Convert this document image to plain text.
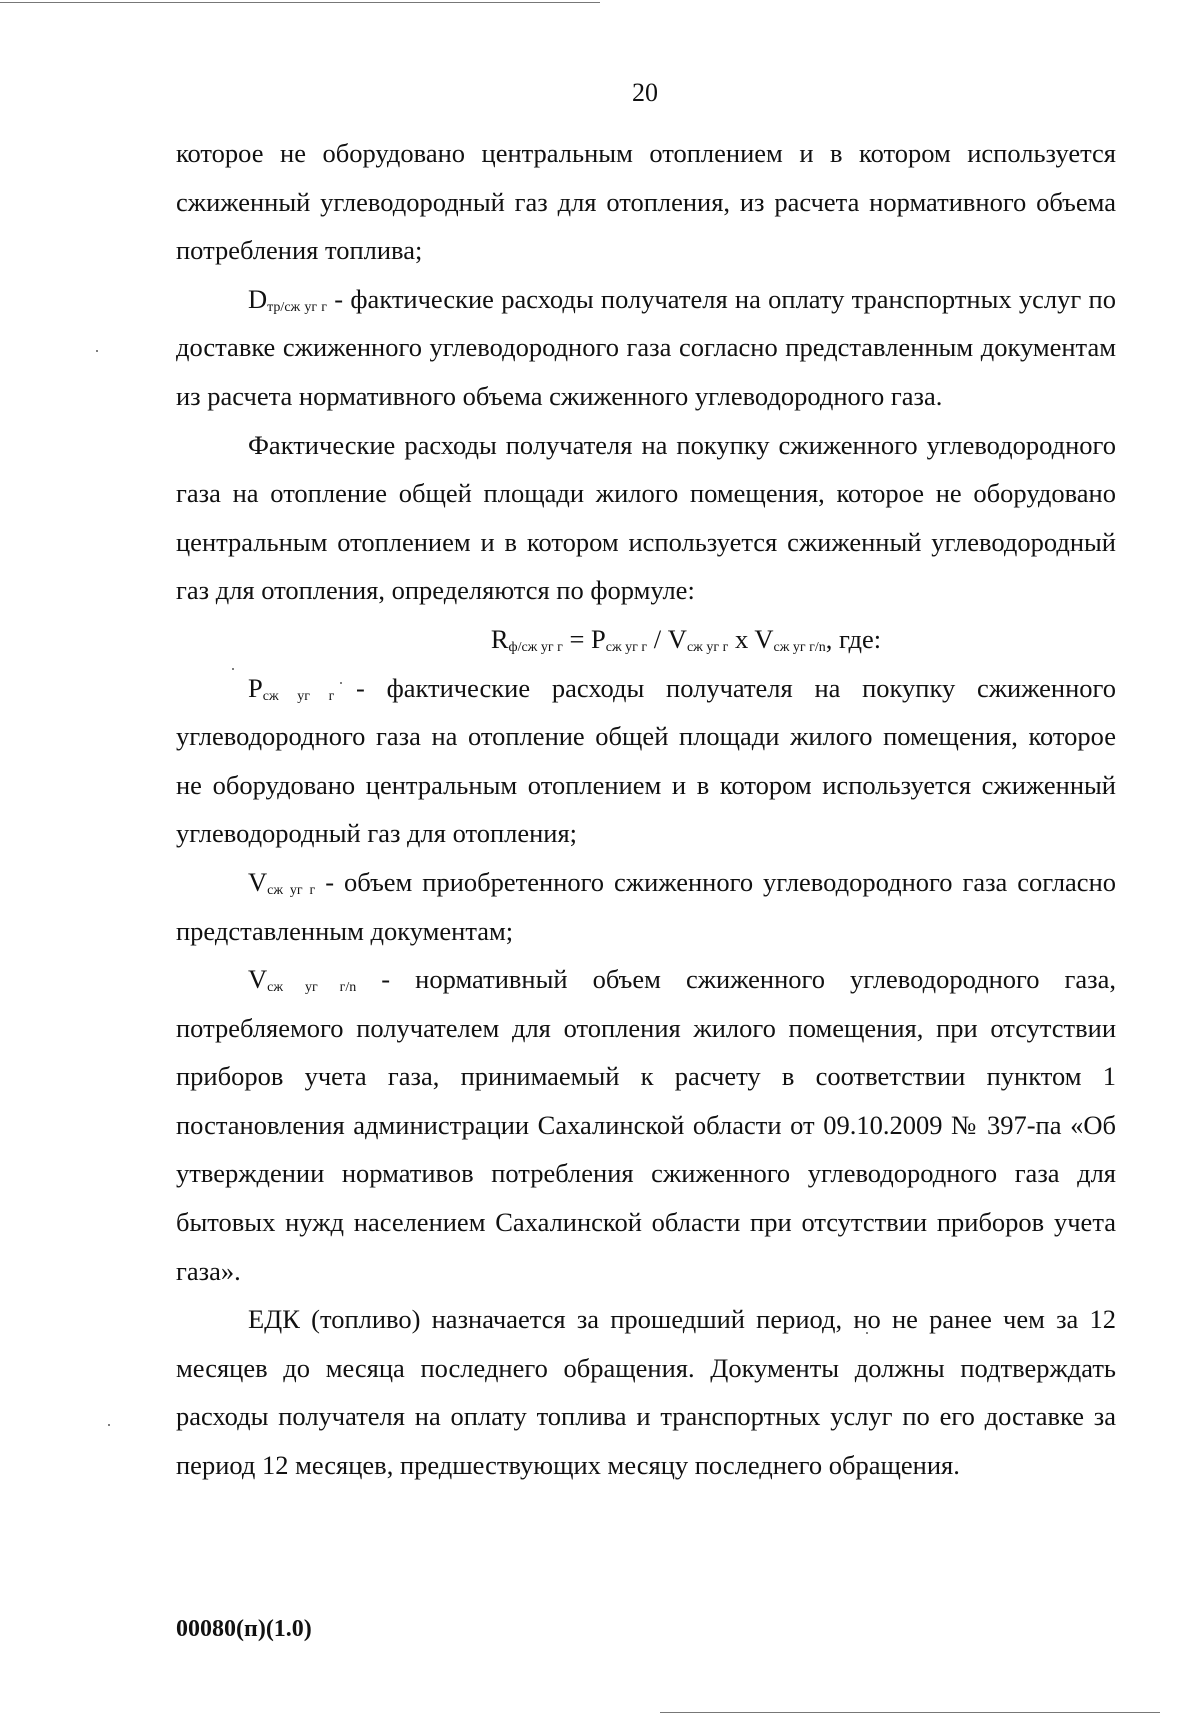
20

которое не оборудовано центральным отоплением и в котором используется сжиженный углеводородный газ для отопления, из расчета нормативного объема потребления топлива;

$D_{тр/сж уг г}$ - фактические расходы получателя на оплату транспортных услуг по доставке сжиженного углеводородного газа согласно представленным документам из расчета нормативного объема сжиженного углеводородного газа.

Фактические расходы получателя на покупку сжиженного углеводородного газа на отопление общей площади жилого помещения, которое не оборудовано центральным отоплением и в котором используется сжиженный углеводородный газ для отопления, определяются по формуле:

$R_{ф/сж уг г} = P_{сж уг г} / V_{сж уг г}$ x $V_{сж уг г/n}$, где:

$P_{сж уг г}$ - фактические расходы получателя на покупку сжиженного углеводородного газа на отопление общей площади жилого помещения, которое не оборудовано центральным отоплением и в котором используется сжиженный углеводородный газ для отопления;

$V_{сж уг г}$ - объем приобретенного сжиженного углеводородного газа согласно представленным документам;

$V_{сж уг г/n}$ - нормативный объем сжиженного углеводородного газа, потребляемого получателем для отопления жилого помещения, при отсутствии приборов учета газа, принимаемый к расчету в соответствии пунктом 1 постановления администрации Сахалинской области от 09.10.2009 № 397-па «Об утверждении нормативов потребления сжиженного углеводородного газа для бытовых нужд населением Сахалинской области при отсутствии приборов учета газа».

ЕДК (топливо) назначается за прошедший период, но не ранее чем за 12 месяцев до месяца последнего обращения. Документы должны подтверждать расходы получателя на оплату топлива и транспортных услуг по его доставке за период 12 месяцев, предшествующих месяцу последнего обращения.

00080(п)(1.0)
